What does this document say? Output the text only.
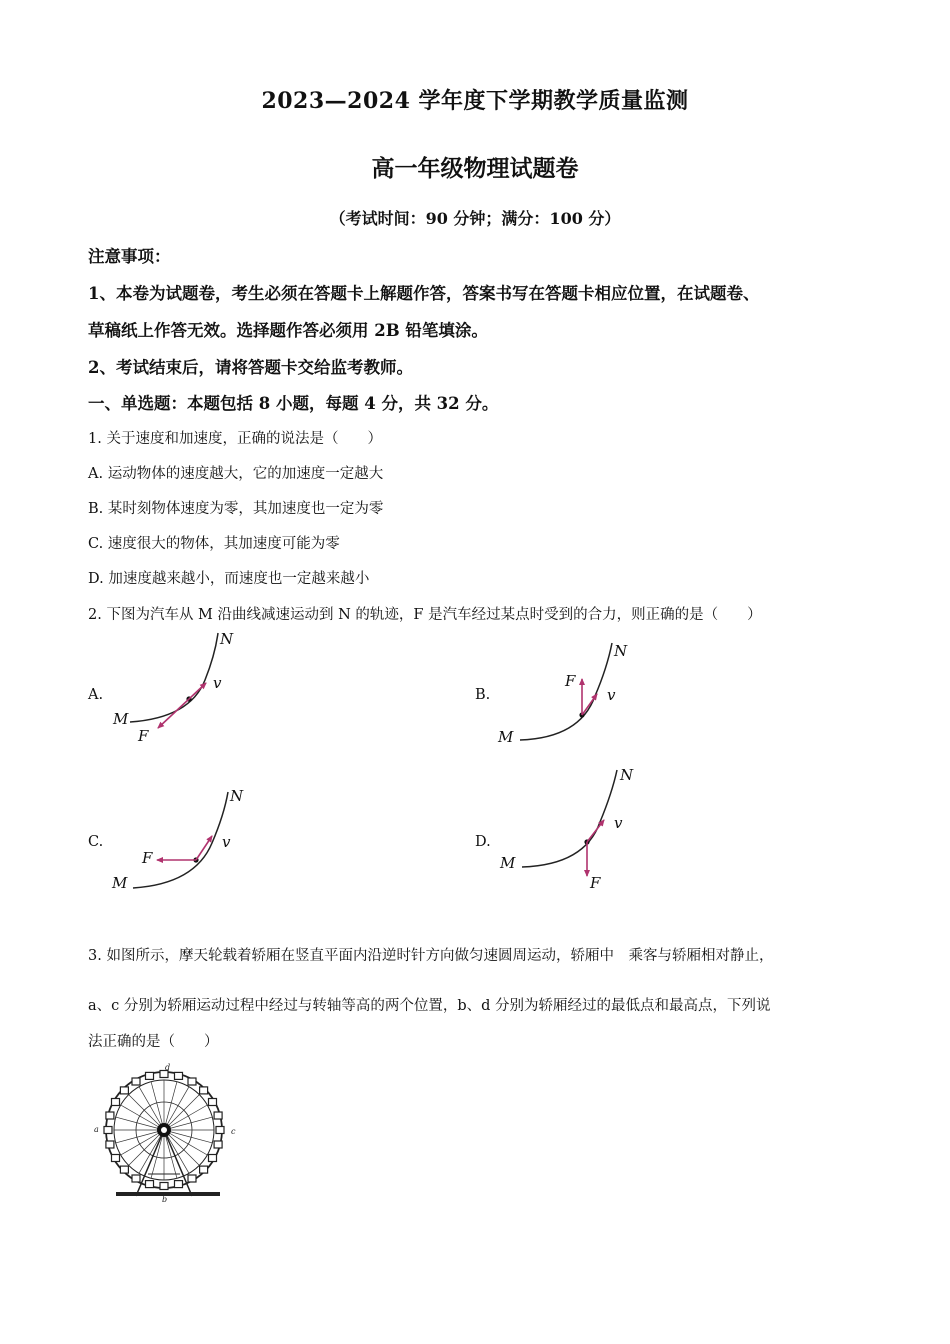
2023—2024 学年度下学期教学质量监测
高一年级物理试题卷
（考试时间：90 分钟；满分：100 分）
注意事项：
1、本卷为试题卷，考生必须在答题卡上解题作答，答案书写在答题卡相应位置，在试题卷、
草稿纸上作答无效。选择题作答必须用 2B 铅笔填涂。
2、考试结束后，请将答题卡交给监考教师。
一、单选题：本题包括 8 小题，每题 4 分，共 32 分。
1. 关于速度和加速度，正确的说法是（　　）
A. 运动物体的速度越大，它的加速度一定越大
B. 某时刻物体速度为零，其加速度也一定为零
C. 速度很大的物体，其加速度可能为零
D. 加速度越来越小，而速度也一定越来越小
2. 下图为汽车从 M 沿曲线减速运动到 N 的轨迹，F 是汽车经过某点时受到的合力，则正确的是（　　）
A.	B.
C.	D.
N
M
v
F
N
M
v
F
N
M
v
F
N
M
v
F
3. 如图所示，摩天轮载着轿厢在竖直平面内沿逆时针方向做匀速圆周运动，轿厢中　乘客与轿厢相对静止，
a、c 分别为轿厢运动过程中经过与转轴等高的两个位置，b、d 分别为轿厢经过的最低点和最高点，下列说
法正确的是（　　）
a	c
d
b
